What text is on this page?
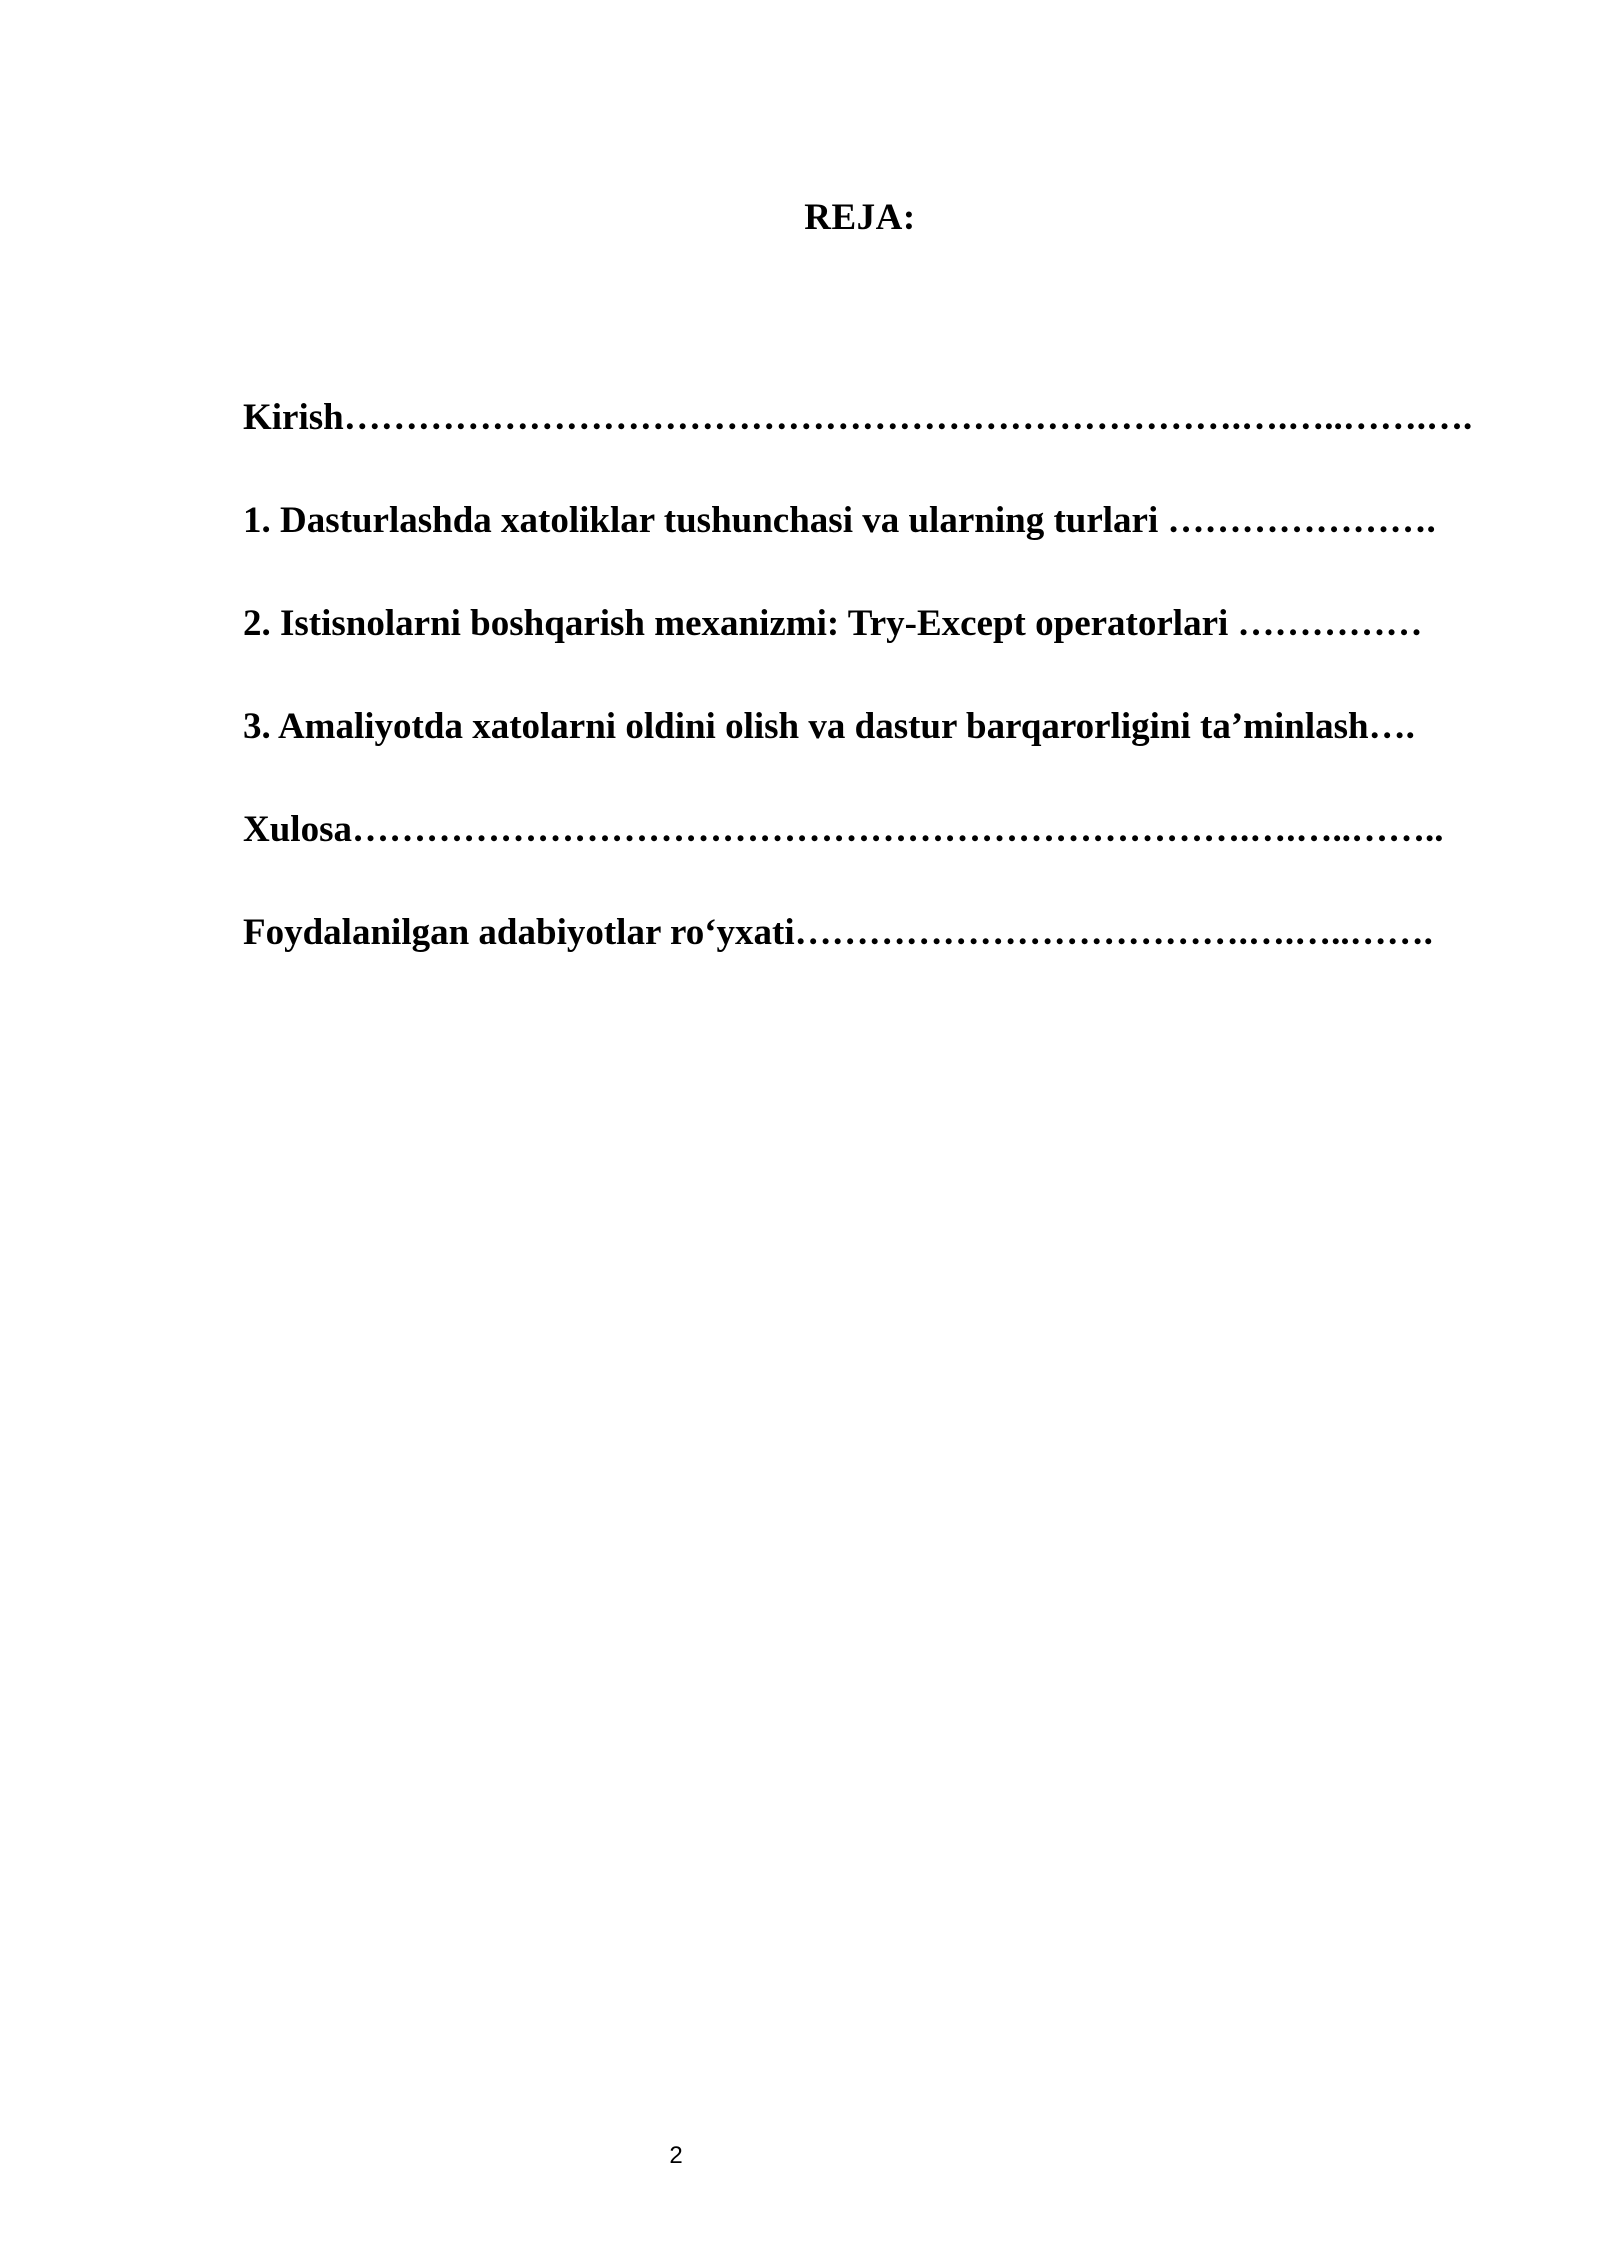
REJA:
Kirish……………………………………………………………….….…..…….….
1. Dasturlashda xatoliklar tushunchasi va ularning turlari ………………….
2. Istisnolarni boshqarish mexanizmi: Try-Except operatorlari ……………
3. Amaliyotda xatolarni oldini olish va dastur barqarorligini ta’minlash….
Xulosa……………………………………………………………….….…..……..
Foydalanilgan adabiyotlar ro‘yxati……………………………….….…..…….
2
